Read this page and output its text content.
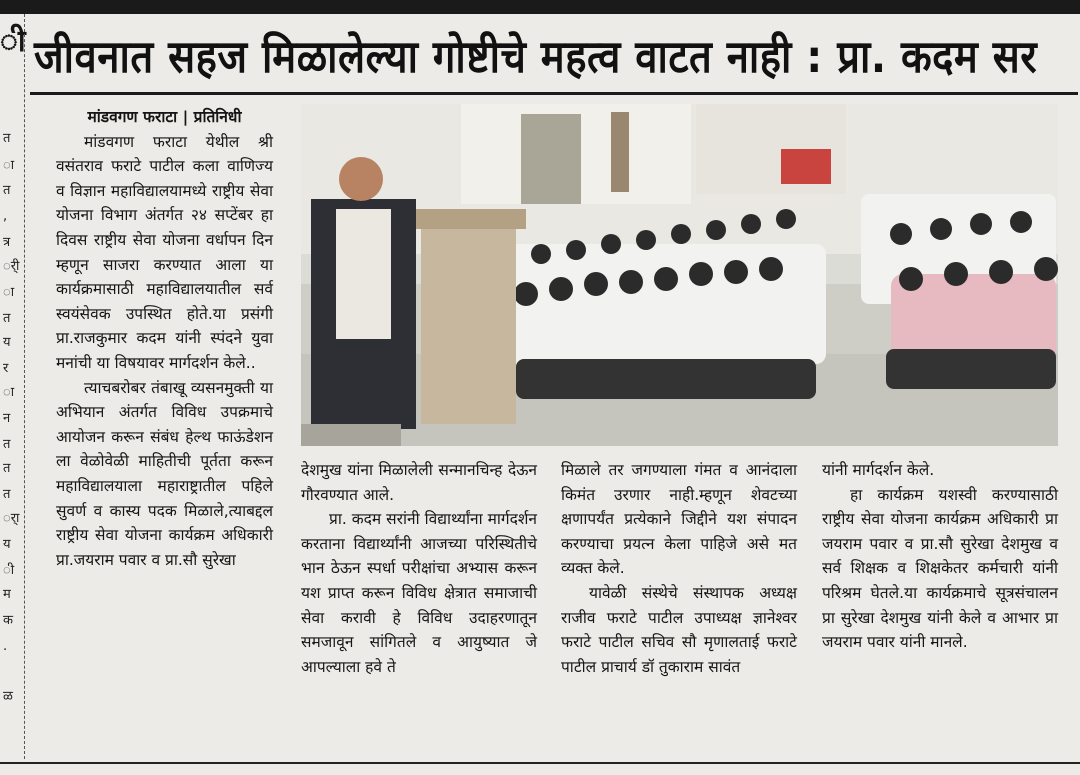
ी
त
ा
त
,
त्र
र्ी
ा
त
य
र
ा
न
त
त
त
र्ा
य
ी
म
क
.
ळ
जीवनात सहज मिळालेल्या गोष्टीचे महत्व वाटत नाही : प्रा. कदम सर

मांडवगण फराटा | प्रतिनिधी

मांडवगण फराटा येथील श्री वसंतराव फराटे पाटील कला वाणिज्य व विज्ञान महाविद्यालयामध्ये राष्ट्रीय सेवा योजना विभाग अंतर्गत २४ सप्टेंबर हा दिवस राष्ट्रीय सेवा योजना वर्धापन दिन म्हणून साजरा करण्यात आला या कार्यक्रमासाठी महाविद्यालयातील सर्व स्वयंसेवक उपस्थित होते.या प्रसंगी प्रा.राजकुमार कदम यांनी स्पंदने युवा मनांची या विषयावर मार्गदर्शन केले..

त्याचबरोबर तंबाखू व्यसनमुक्ती या अभियान अंतर्गत विविध उपक्रमाचे आयोजन करून संबंध हेल्थ फाऊंडेशन ला वेळोवेळी माहितीची पूर्तता करून महाविद्यालयाला महाराष्ट्रातील पहिले सुवर्ण व कास्य पदक मिळाले,त्याबद्दल राष्ट्रीय सेवा योजना कार्यक्रम अधिकारी प्रा.जयराम पवार व प्रा.सौ सुरेखा

देशमुख यांना मिळालेली सन्मानचिन्ह देऊन गौरवण्यात आले.

प्रा. कदम सरांनी विद्यार्थ्यांना मार्गदर्शन करताना विद्यार्थ्यांनी आजच्या परिस्थितीचे भान ठेऊन स्पर्धा परीक्षांचा अभ्यास करून यश प्राप्त करून विविध क्षेत्रात समाजाची सेवा करावी हे विविध उदाहरणातून समजावून सांगितले व आयुष्यात जे आपल्याला हवे ते

मिळाले तर जगण्याला गंमत व आनंदाला किमंत उरणार नाही.म्हणून शेवटच्या क्षणापर्यंत प्रत्येकाने जिद्दीने यश संपादन करण्याचा प्रयत्न केला पाहिजे असे मत व्यक्त केले.

यावेळी संस्थेचे संस्थापक अध्यक्ष राजीव फराटे पाटील उपाध्यक्ष ज्ञानेश्वर फराटे पाटील सचिव सौ मृणालताई फराटे पाटील प्राचार्य डॉ तुकाराम सावंत

यांनी मार्गदर्शन केले.

हा कार्यक्रम यशस्वी करण्यासाठी राष्ट्रीय सेवा योजना कार्यक्रम अधिकारी प्रा जयराम पवार व प्रा.सौ सुरेखा देशमुख व सर्व शिक्षक व शिक्षकेतर कर्मचारी यांनी परिश्रम घेतले.या कार्यक्रमाचे सूत्रसंचालन प्रा सुरेखा देशमुख यांनी केले व आभार प्रा जयराम पवार यांनी मानले.
